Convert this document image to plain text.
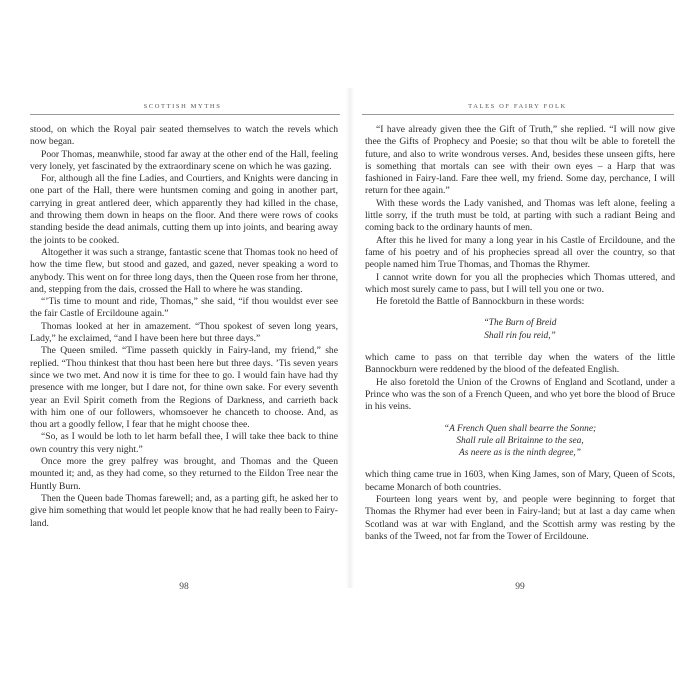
SCOTTISH MYTHS

stood, on which the Royal pair seated themselves to watch the revels which now began.

Poor Thomas, meanwhile, stood far away at the other end of the Hall, feeling very lonely, yet fascinated by the extraordinary scene on which he was gazing.

For, although all the fine Ladies, and Courtiers, and Knights were dancing in one part of the Hall, there were huntsmen coming and going in another part, carrying in great antlered deer, which apparently they had killed in the chase, and throwing them down in heaps on the floor. And there were rows of cooks standing beside the dead animals, cutting them up into joints, and bearing away the joints to be cooked.

Altogether it was such a strange, fantastic scene that Thomas took no heed of how the time flew, but stood and gazed, and gazed, never speaking a word to anybody. This went on for three long days, then the Queen rose from her throne, and, stepping from the dais, crossed the Hall to where he was standing.

“’Tis time to mount and ride, Thomas,” she said, “if thou wouldst ever see the fair Castle of Ercildoune again.”

Thomas looked at her in amazement. “Thou spokest of seven long years, Lady,” he exclaimed, “and I have been here but three days.”

The Queen smiled. “Time passeth quickly in Fairy-land, my friend,” she replied. “Thou thinkest that thou hast been here but three days. ’Tis seven years since we two met. And now it is time for thee to go. I would fain have had thy presence with me longer, but I dare not, for thine own sake. For every seventh year an Evil Spirit cometh from the Regions of Darkness, and carrieth back with him one of our followers, whomsoever he chanceth to choose. And, as thou art a goodly fellow, I fear that he might choose thee.

“So, as I would be loth to let harm befall thee, I will take thee back to thine own country this very night.”

Once more the grey palfrey was brought, and Thomas and the Queen mounted it; and, as they had come, so they returned to the Eildon Tree near the Huntly Burn.

Then the Queen bade Thomas farewell; and, as a parting gift, he asked her to give him something that would let people know that he had really been to Fairy-land.

98
TALES OF FAIRY FOLK

“I have already given thee the Gift of Truth,” she replied. “I will now give thee the Gifts of Prophecy and Poesie; so that thou wilt be able to foretell the future, and also to write wondrous verses. And, besides these unseen gifts, here is something that mortals can see with their own eyes – a Harp that was fashioned in Fairy-land. Fare thee well, my friend. Some day, perchance, I will return for thee again.”

With these words the Lady vanished, and Thomas was left alone, feeling a little sorry, if the truth must be told, at parting with such a radiant Being and coming back to the ordinary haunts of men.

After this he lived for many a long year in his Castle of Ercildoune, and the fame of his poetry and of his prophecies spread all over the country, so that people named him True Thomas, and Thomas the Rhymer.

I cannot write down for you all the prophecies which Thomas uttered, and which most surely came to pass, but I will tell you one or two.

He foretold the Battle of Bannockburn in these words:

“The Burn of Breid
Shall rin fou reid,”

which came to pass on that terrible day when the waters of the little Bannockburn were reddened by the blood of the defeated English.

He also foretold the Union of the Crowns of England and Scotland, under a Prince who was the son of a French Queen, and who yet bore the blood of Bruce in his veins.

“A French Quen shall bearre the Sonne;
Shall rule all Britainne to the sea,
As neere as is the ninth degree,”

which thing came true in 1603, when King James, son of Mary, Queen of Scots, became Monarch of both countries.

Fourteen long years went by, and people were beginning to forget that Thomas the Rhymer had ever been in Fairy-land; but at last a day came when Scotland was at war with England, and the Scottish army was resting by the banks of the Tweed, not far from the Tower of Ercildoune.

99
